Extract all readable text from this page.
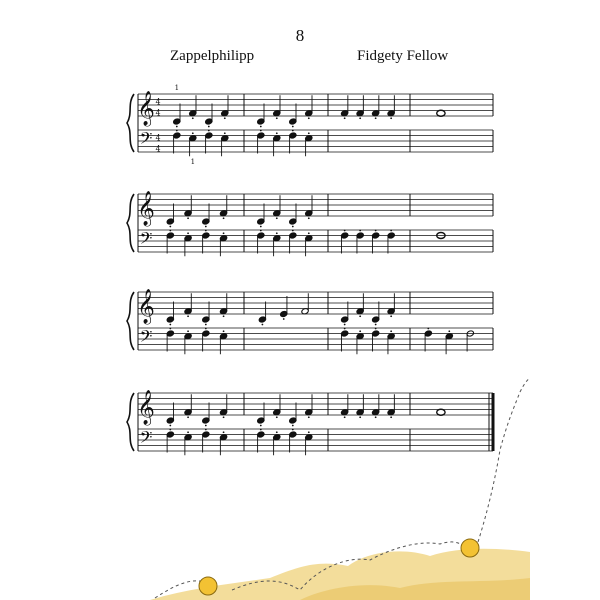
8
Zappelphilipp	Fidgety Fellow
𝄞
𝄢
4
4
4
4
1
1
𝄞
𝄢
𝄞
𝄢
𝄞
𝄢
